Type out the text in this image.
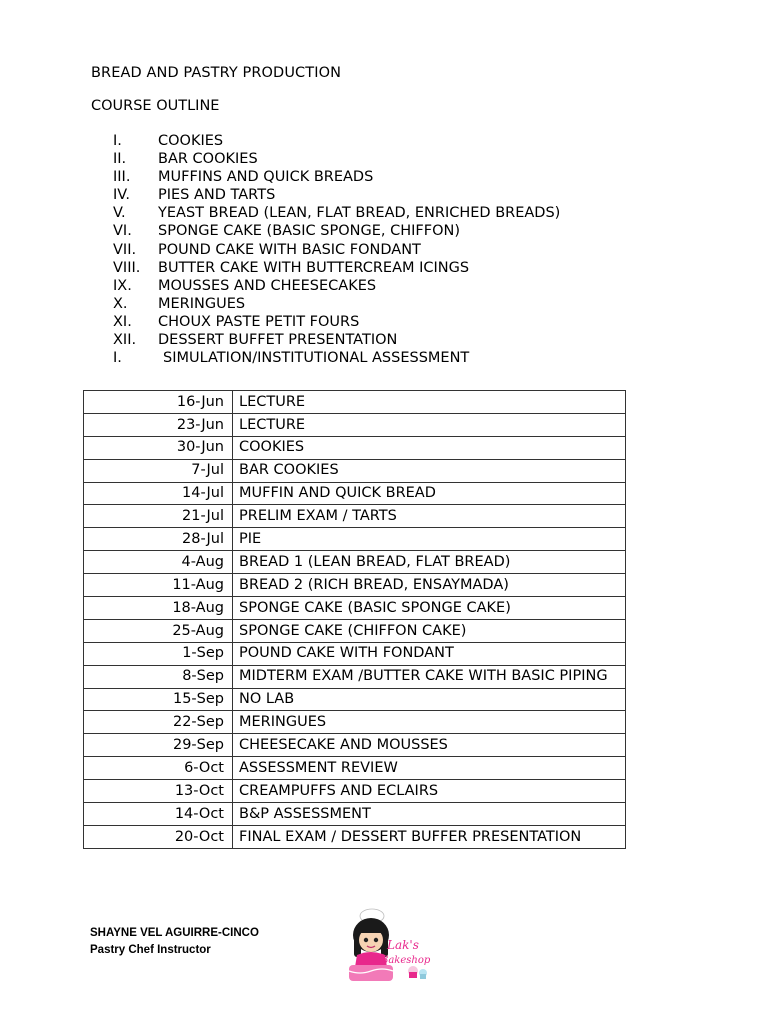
BREAD AND PASTRY PRODUCTION
COURSE OUTLINE
I.	COOKIES
II.	BAR COOKIES
III.	MUFFINS AND QUICK BREADS
IV.	PIES AND TARTS
V.	YEAST BREAD (LEAN, FLAT BREAD, ENRICHED BREADS)
VI.	SPONGE CAKE (BASIC SPONGE, CHIFFON)
VII.	POUND CAKE WITH BASIC FONDANT
VIII.	BUTTER CAKE WITH BUTTERCREAM ICINGS
IX.	MOUSSES AND CHEESECAKES
X.	MERINGUES
XI.	CHOUX PASTE PETIT FOURS
XII.	DESSERT BUFFET PRESENTATION
I.	SIMULATION/INSTITUTIONAL ASSESSMENT
16-Jun	LECTURE
23-Jun	LECTURE
30-Jun	COOKIES
7-Jul	BAR COOKIES
14-Jul	MUFFIN AND QUICK BREAD
21-Jul	PRELIM EXAM / TARTS
28-Jul	PIE
4-Aug	BREAD 1 (LEAN BREAD, FLAT BREAD)
11-Aug	BREAD 2 (RICH BREAD, ENSAYMADA)
18-Aug	SPONGE CAKE (BASIC SPONGE CAKE)
25-Aug	SPONGE CAKE (CHIFFON CAKE)
1-Sep	POUND CAKE WITH FONDANT
8-Sep	MIDTERM EXAM /BUTTER CAKE WITH BASIC PIPING
15-Sep	NO LAB
22-Sep	MERINGUES
29-Sep	CHEESECAKE AND MOUSSES
6-Oct	ASSESSMENT REVIEW
13-Oct	CREAMPUFFS AND ECLAIRS
14-Oct	B&P ASSESSMENT
20-Oct	FINAL EXAM / DESSERT BUFFER PRESENTATION
SHAYNE VEL AGUIRRE-CINCO
Pastry Chef Instructor	Lak's
Bakeshop
